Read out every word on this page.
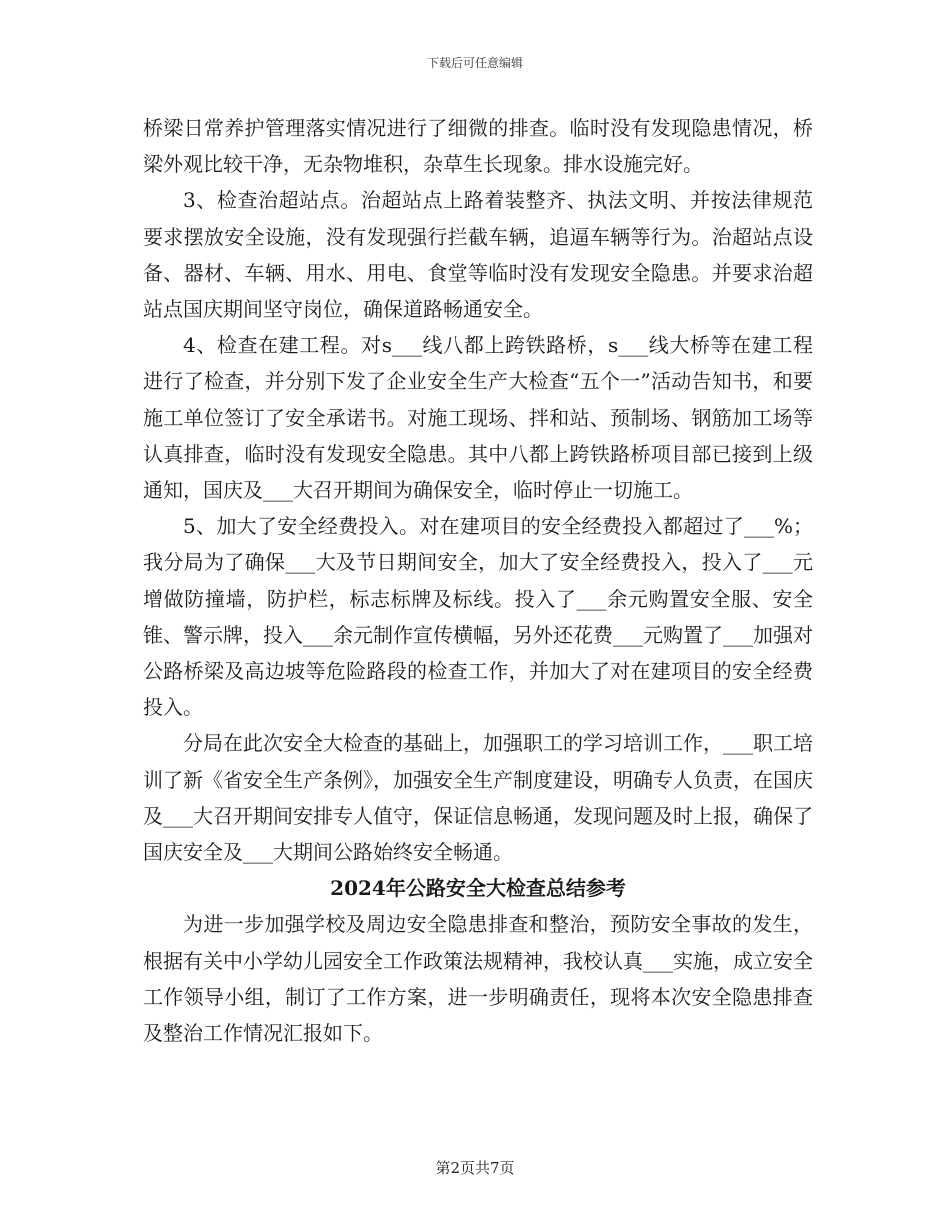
下载后可任意编辑

桥梁日常养护管理落实情况进行了细微的排查。临时没有发现隐患情况，桥梁外观比较干净，无杂物堆积，杂草生长现象。排水设施完好。

3、检查治超站点。治超站点上路着装整齐、执法文明、并按法律规范要求摆放安全设施，没有发现强行拦截车辆，追逼车辆等行为。治超站点设备、器材、车辆、用水、用电、食堂等临时没有发现安全隐患。并要求治超站点国庆期间坚守岗位，确保道路畅通安全。

4、检查在建工程。对s___线八都上跨铁路桥，s___线大桥等在建工程进行了检查，并分别下发了企业安全生产大检查“五个一”活动告知书，和要施工单位签订了安全承诺书。对施工现场、拌和站、预制场、钢筋加工场等认真排查，临时没有发现安全隐患。其中八都上跨铁路桥项目部已接到上级通知，国庆及___大召开期间为确保安全，临时停止一切施工。

5、加大了安全经费投入。对在建项目的安全经费投入都超过了___%；我分局为了确保___大及节日期间安全，加大了安全经费投入，投入了___元增做防撞墙，防护栏，标志标牌及标线。投入了___余元购置安全服、安全锥、警示牌，投入___余元制作宣传横幅，另外还花费___元购置了___加强对公路桥梁及高边坡等危险路段的检查工作，并加大了对在建项目的安全经费投入。

分局在此次安全大检查的基础上，加强职工的学习培训工作，___职工培训了新《省安全生产条例》，加强安全生产制度建设，明确专人负责，在国庆及___大召开期间安排专人值守，保证信息畅通，发现问题及时上报，确保了国庆安全及___大期间公路始终安全畅通。

2024年公路安全大检查总结参考

为进一步加强学校及周边安全隐患排查和整治，预防安全事故的发生，根据有关中小学幼儿园安全工作政策法规精神，我校认真___实施，成立安全工作领导小组，制订了工作方案，进一步明确责任，现将本次安全隐患排查及整治工作情况汇报如下。

第2页共7页
